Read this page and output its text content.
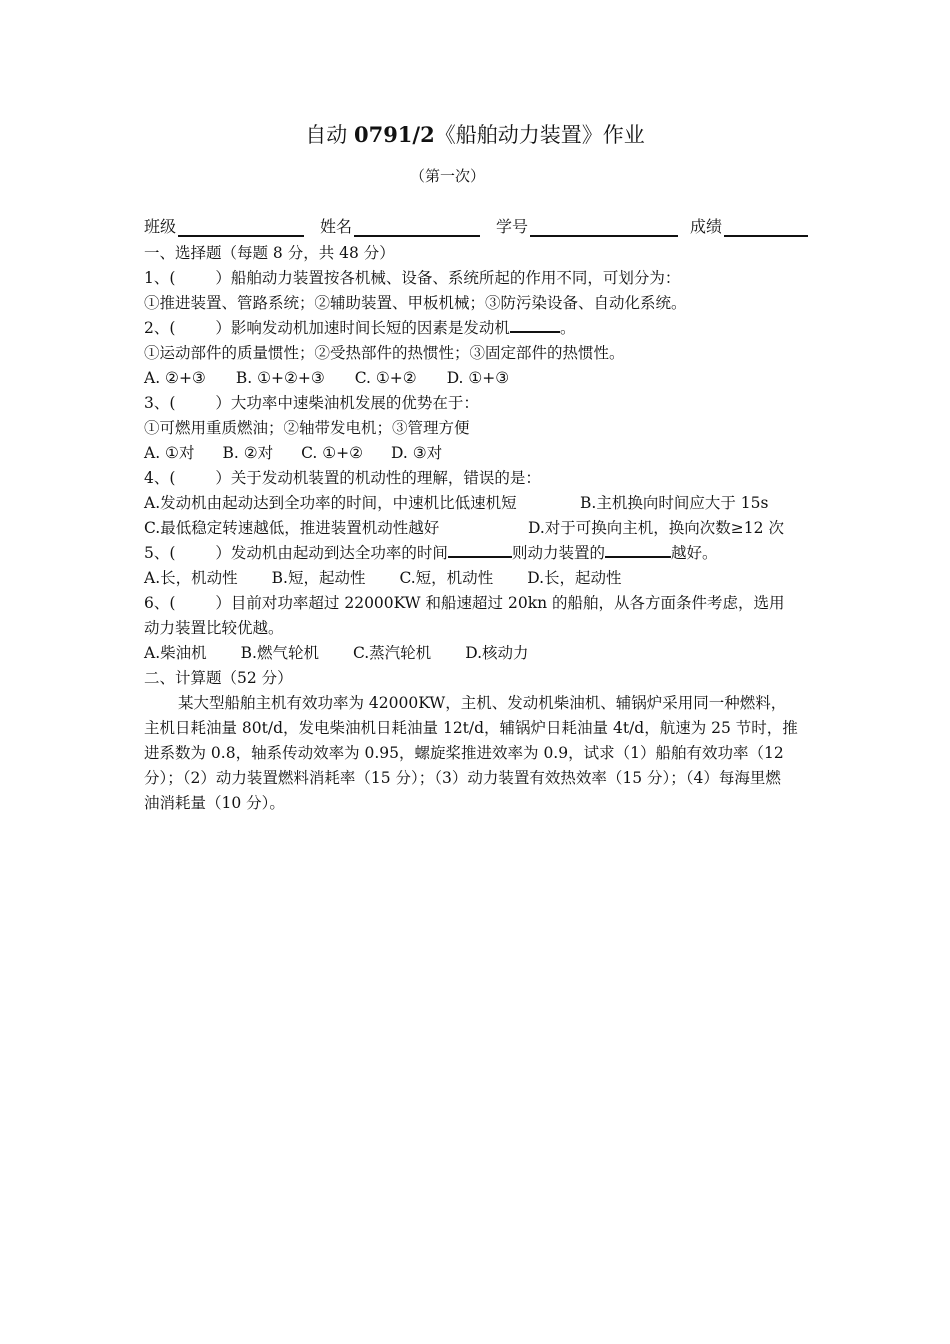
自动 0791/2《船舶动力装置》作业
（第一次）
班级	姓名	学号	成绩
一、选择题（每题 8 分，共 48 分）
1、(	）船舶动力装置按各机械、设备、系统所起的作用不同，可划分为：
①推进装置、管路系统；②辅助装置、甲板机械；③防污染设备、自动化系统。
2、(	）影响发动机加速时间长短的因素是发动机	。
①运动部件的质量惯性；②受热部件的热惯性；③固定部件的热惯性。
A. ②+③ B. ①+②+③ C. ①+② D. ①+③
3、(	）大功率中速柴油机发展的优势在于：
①可燃用重质燃油；②轴带发电机；③管理方便
A. ①对 B. ②对 C. ①+② D. ③对
4、(	）关于发动机装置的机动性的理解，错误的是：
A.发动机由起动达到全功率的时间，中速机比低速机短	B.主机换向时间应大于 15s
C.最低稳定转速越低，推进装置机动性越好	D.对于可换向主机，换向次数≥12 次
5、(	）发动机由起动到达全功率的时间	则动力装置的	越好。
A.长，机动性 B.短，起动性 C.短，机动性 D.长，起动性
6、(	）目前对功率超过 22000KW 和船速超过 20kn 的船舶，从各方面条件考虑，选用
动力装置比较优越。
A.柴油机 B.燃气轮机 C.蒸汽轮机 D.核动力
二、计算题（52 分）
某大型船舶主机有效功率为 42000KW，主机、发动机柴油机、辅锅炉采用同一种燃料，
主机日耗油量 80t/d，发电柴油机日耗油量 12t/d，辅锅炉日耗油量 4t/d，航速为 25 节时，推
进系数为 0.8，轴系传动效率为 0.95，螺旋桨推进效率为 0.9，试求（1）船舶有效功率（12
分）；（2）动力装置燃料消耗率（15 分）；（3）动力装置有效热效率（15 分）；（4）每海里燃
油消耗量（10 分）。
